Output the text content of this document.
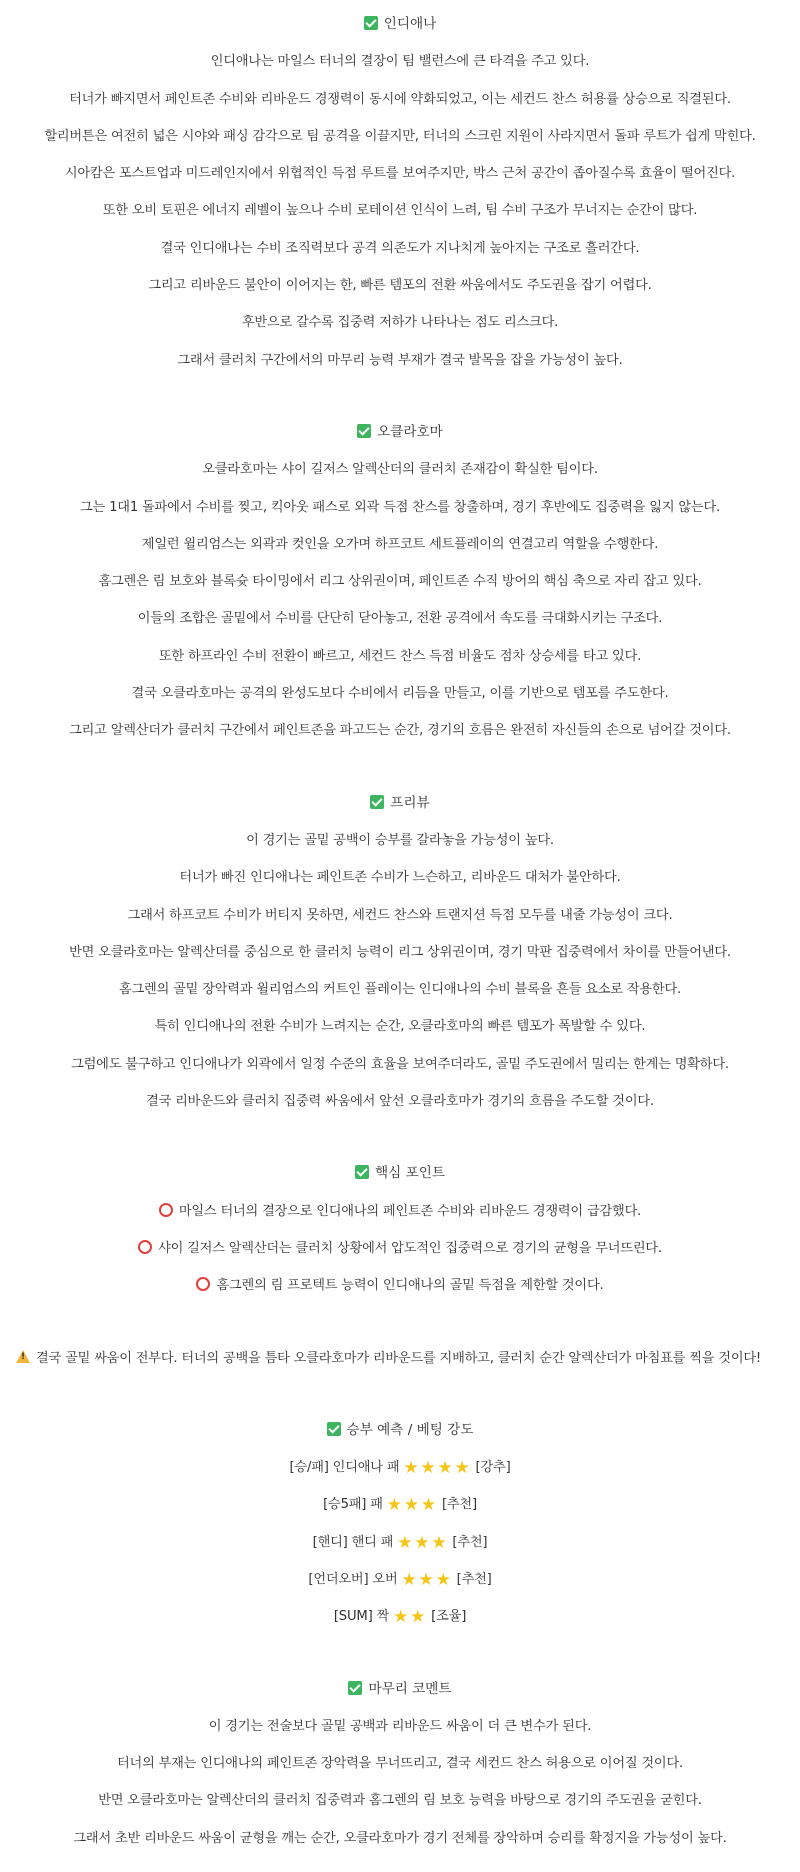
인디애나
인디애나는 마일스 터너의 결장이 팀 밸런스에 큰 타격을 주고 있다.
터너가 빠지면서 페인트존 수비와 리바운드 경쟁력이 동시에 약화되었고, 이는 세컨드 찬스 허용률 상승으로 직결된다.
할리버튼은 여전히 넓은 시야와 패싱 감각으로 팀 공격을 이끌지만, 터너의 스크린 지원이 사라지면서 돌파 루트가 쉽게 막힌다.
시아캄은 포스트업과 미드레인지에서 위협적인 득점 루트를 보여주지만, 박스 근처 공간이 좁아질수록 효율이 떨어진다.
또한 오비 토핀은 에너지 레벨이 높으나 수비 로테이션 인식이 느려, 팀 수비 구조가 무너지는 순간이 많다.
결국 인디애나는 수비 조직력보다 공격 의존도가 지나치게 높아지는 구조로 흘러간다.
그리고 리바운드 불안이 이어지는 한, 빠른 템포의 전환 싸움에서도 주도권을 잡기 어렵다.
후반으로 갈수록 집중력 저하가 나타나는 점도 리스크다.
그래서 클러치 구간에서의 마무리 능력 부재가 결국 발목을 잡을 가능성이 높다.
오클라호마
오클라호마는 샤이 길저스 알렉산더의 클러치 존재감이 확실한 팀이다.
그는 1대1 돌파에서 수비를 찢고, 킥아웃 패스로 외곽 득점 찬스를 창출하며, 경기 후반에도 집중력을 잃지 않는다.
제일런 윌리엄스는 외곽과 컷인을 오가며 하프코트 세트플레이의 연결고리 역할을 수행한다.
홈그렌은 림 보호와 블록슛 타이밍에서 리그 상위권이며, 페인트존 수직 방어의 핵심 축으로 자리 잡고 있다.
이들의 조합은 골밑에서 수비를 단단히 닫아놓고, 전환 공격에서 속도를 극대화시키는 구조다.
또한 하프라인 수비 전환이 빠르고, 세컨드 찬스 득점 비율도 점차 상승세를 타고 있다.
결국 오클라호마는 공격의 완성도보다 수비에서 리듬을 만들고, 이를 기반으로 템포를 주도한다.
그리고 알렉산더가 클러치 구간에서 페인트존을 파고드는 순간, 경기의 흐름은 완전히 자신들의 손으로 넘어갈 것이다.
프리뷰
이 경기는 골밑 공백이 승부를 갈라놓을 가능성이 높다.
터너가 빠진 인디애나는 페인트존 수비가 느슨하고, 리바운드 대처가 불안하다.
그래서 하프코트 수비가 버티지 못하면, 세컨드 찬스와 트랜지션 득점 모두를 내줄 가능성이 크다.
반면 오클라호마는 알렉산더를 중심으로 한 클러치 능력이 리그 상위권이며, 경기 막판 집중력에서 차이를 만들어낸다.
홈그렌의 골밑 장악력과 윌리엄스의 커트인 플레이는 인디애나의 수비 블록을 흔들 요소로 작용한다.
특히 인디애나의 전환 수비가 느려지는 순간, 오클라호마의 빠른 템포가 폭발할 수 있다.
그럼에도 불구하고 인디애나가 외곽에서 일정 수준의 효율을 보여주더라도, 골밑 주도권에서 밀리는 한계는 명확하다.
결국 리바운드와 클러치 집중력 싸움에서 앞선 오클라호마가 경기의 흐름을 주도할 것이다.
핵심 포인트
마일스 터너의 결장으로 인디애나의 페인트존 수비와 리바운드 경쟁력이 급감했다.
샤이 길저스 알렉산더는 클러치 상황에서 압도적인 집중력으로 경기의 균형을 무너뜨린다.
홈그렌의 림 프로텍트 능력이 인디애나의 골밑 득점을 제한할 것이다.
!결국 골밑 싸움이 전부다. 터너의 공백을 틈타 오클라호마가 리바운드를 지배하고, 클러치 순간 알렉산더가 마침표를 찍을 것이다!
승부 예측 / 베팅 강도
[승/패] 인디애나 패 ★ ★ ★ ★ [강추]
[승5패] 패 ★ ★ ★ [추천]
[핸디] 핸디 패 ★ ★ ★ [추천]
[언더오버] 오버 ★ ★ ★ [추천]
[SUM] 짝 ★ ★ [조율]
마무리 코멘트
이 경기는 전술보다 골밑 공백과 리바운드 싸움이 더 큰 변수가 된다.
터너의 부재는 인디애나의 페인트존 장악력을 무너뜨리고, 결국 세컨드 찬스 허용으로 이어질 것이다.
반면 오클라호마는 알렉산더의 클러치 집중력과 홈그렌의 림 보호 능력을 바탕으로 경기의 주도권을 굳힌다.
그래서 초반 리바운드 싸움이 균형을 깨는 순간, 오클라호마가 경기 전체를 장악하며 승리를 확정지을 가능성이 높다.
